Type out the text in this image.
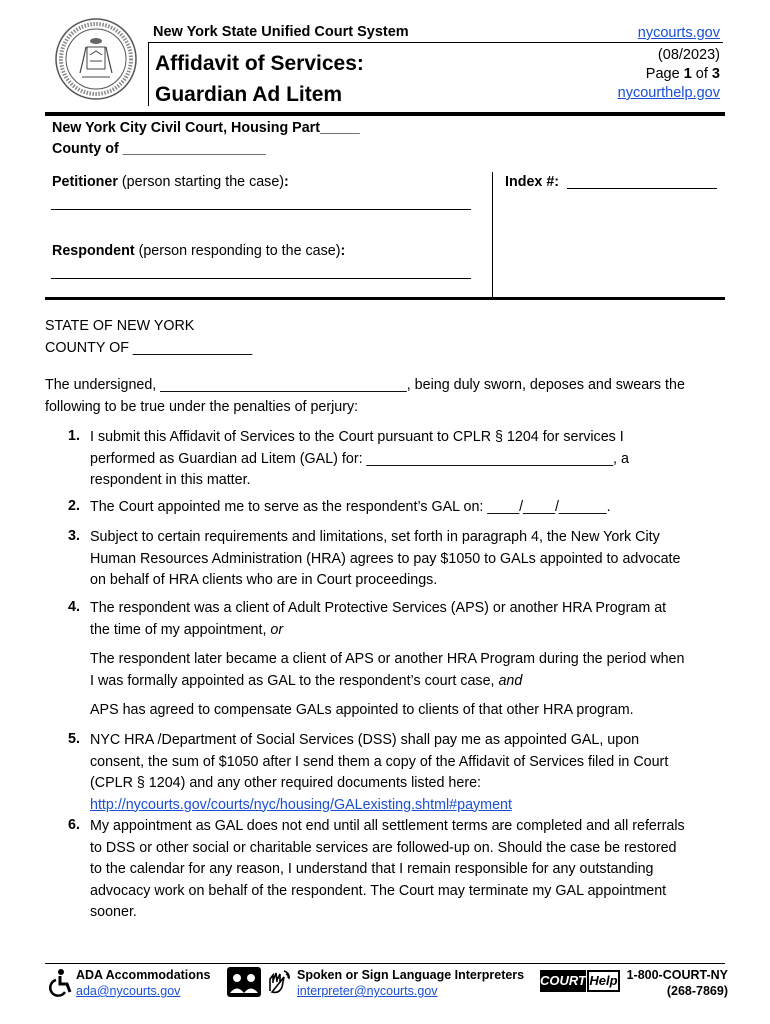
New York State Unified Court System
Affidavit of Services:
Guardian Ad Litem
nycourts.gov
(08/2023)
Page 1 of 3
nycourthelp.gov
New York City Civil Court, Housing Part_____
County of __________________
Petitioner (person starting the case):
Respondent (person responding to the case):
Index #:
STATE OF NEW YORK
COUNTY OF _______________
The undersigned, _______________________________, being duly sworn, deposes and swears the
following to be true under the penalties of perjury:
1. I submit this Affidavit of Services to the Court pursuant to CPLR § 1204 for services I
performed as Guardian ad Litem (GAL) for: _______________________________, a
respondent in this matter.
2. The Court appointed me to serve as the respondent’s GAL on: ____/____/______.
3. Subject to certain requirements and limitations, set forth in paragraph 4, the New York City
Human Resources Administration (HRA) agrees to pay $1050 to GALs appointed to advocate
on behalf of HRA clients who are in Court proceedings.
4. The respondent was a client of Adult Protective Services (APS) or another HRA Program at
the time of my appointment, or
The respondent later became a client of APS or another HRA Program during the period when
I was formally appointed as GAL to the respondent’s court case, and
APS has agreed to compensate GALs appointed to clients of that other HRA program.
5. NYC HRA /Department of Social Services (DSS) shall pay me as appointed GAL, upon
consent, the sum of $1050 after I send them a copy of the Affidavit of Services filed in Court
(CPLR § 1204) and any other required documents listed here:
http://nycourts.gov/courts/nyc/housing/GALexisting.shtml#payment
6. My appointment as GAL does not end until all settlement terms are completed and all referrals
to DSS or other social or charitable services are followed-up on. Should the case be restored
to the calendar for any reason, I understand that I remain responsible for any outstanding
advocacy work on behalf of the respondent. The Court may terminate my GAL appointment
sooner.
ADA Accommodations
ada@nycourts.gov
Spoken or Sign Language Interpreters
interpreter@nycourts.gov
COURT Help 1-800-COURT-NY
(268-7869)
